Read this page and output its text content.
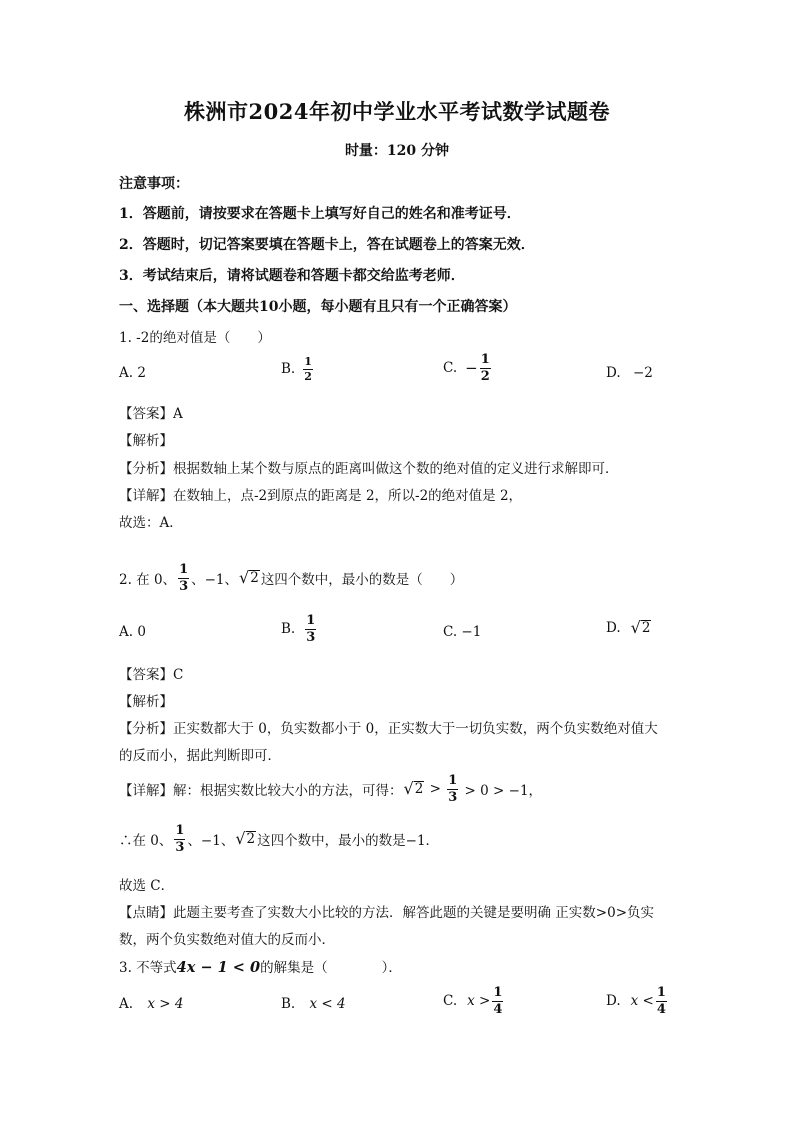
株洲市2024年初中学业水平考试数学试题卷
时量：120 分钟
注意事项：
1．答题前，请按要求在答题卡上填写好自己的姓名和准考证号．
2．答题时，切记答案要填在答题卡上，答在试题卷上的答案无效．
3．考试结束后，请将试题卷和答题卡都交给监考老师．
一、选择题（本大题共10小题，每小题有且只有一个正确答案）
1. -2的绝对值是（　　）
A. 2	B. $\frac{1}{2}$	C. − $\frac{1}{2}$	D. −2
【答案】A
【解析】
【分析】根据数轴上某个数与原点的距离叫做这个数的绝对值的定义进行求解即可．
【详解】在数轴上，点-2到原点的距离是 2，所以-2的绝对值是 2，
故选：A．
2. 在 0、 $\frac{1}{3}$ 、−1、 √ 2 这四个数中，最小的数是（　　）
A. 0	B. $\frac{1}{3}$	C. −1	D. √ 2
【答案】C
【解析】
【分析】正实数都大于 0，负实数都小于 0，正实数大于一切负实数，两个负实数绝对值大
的反而小，据此判断即可．
【详解】 解：根据实数比较大小的方法，可得： √ $2 > \frac{1}{3} > 0 > -1$，
∴在 0、 $\frac{1}{3}$ 、−1、 √ 2 这四个数中，最小的数是−1．
故选 C．
【点睛】此题主要考查了实数大小比较的方法．解答此题的关键是要明确 正实数>0>负实
数，两个负实数绝对值大的反而小．
3. 不等式4x − 1 < 0的解集是（　　　　）．
A. x > 4	B. x < 4	C. $x > \frac{1}{4}$	D. $x < \frac{1}{4}$
